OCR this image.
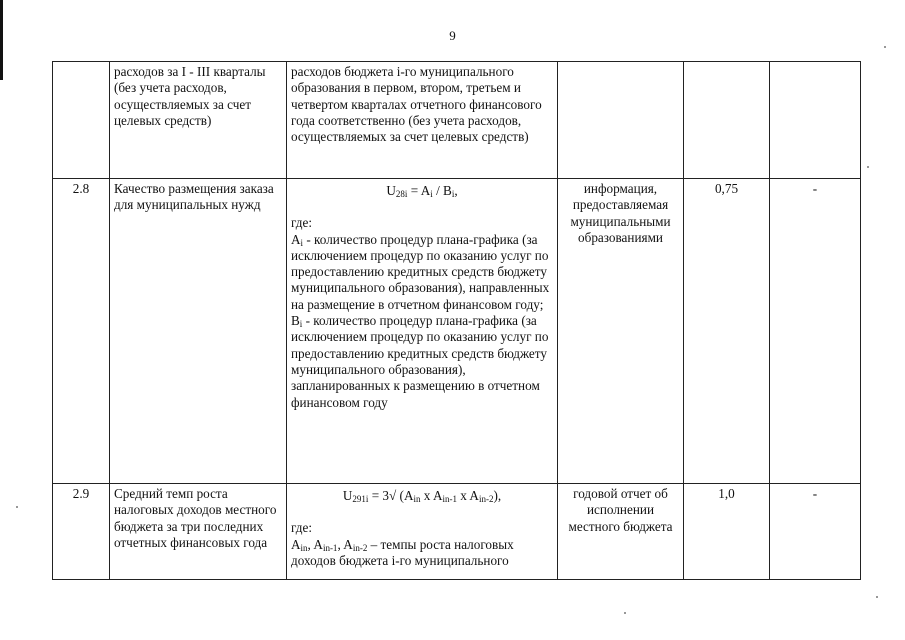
9
	расходов за I - III кварталы (без учета расходов, осуществляемых за счет целевых средств)	расходов бюджета i-го муниципального образования в первом, втором, третьем и четвертом кварталах отчетного финансового года соответственно (без учета расходов, осуществляемых за счет целевых средств)			
2.8	Качество размещения заказа для муниципальных нужд	$U_{28i} = A_i / B_i$,
где:
$A_i$ - количество процедур плана-графика (за исключением процедур по оказанию услуг по предоставлению кредитных средств бюджету муниципального образования), направленных на размещение в отчетном финансовом году;
$B_i$ - количество процедур плана-графика (за исключением процедур по оказанию услуг по предоставлению кредитных средств бюджету муниципального образования), запланированных к размещению в отчетном финансовом году	информация, предоставляемая муниципальными образованиями	0,75	-
2.9	Средний темп роста налоговых доходов местного бюджета за три последних отчетных финансовых года	$U_{291i} = 3√$ ($A_{in}$ x $A_{in-1}$ x $A_{in-2}$),
где:
$A_{in}$, $A_{in-1}$, $A_{in-2}$ – темпы роста налоговых доходов бюджета i-го муниципального	годовой отчет об исполнении местного бюджета	1,0	-
